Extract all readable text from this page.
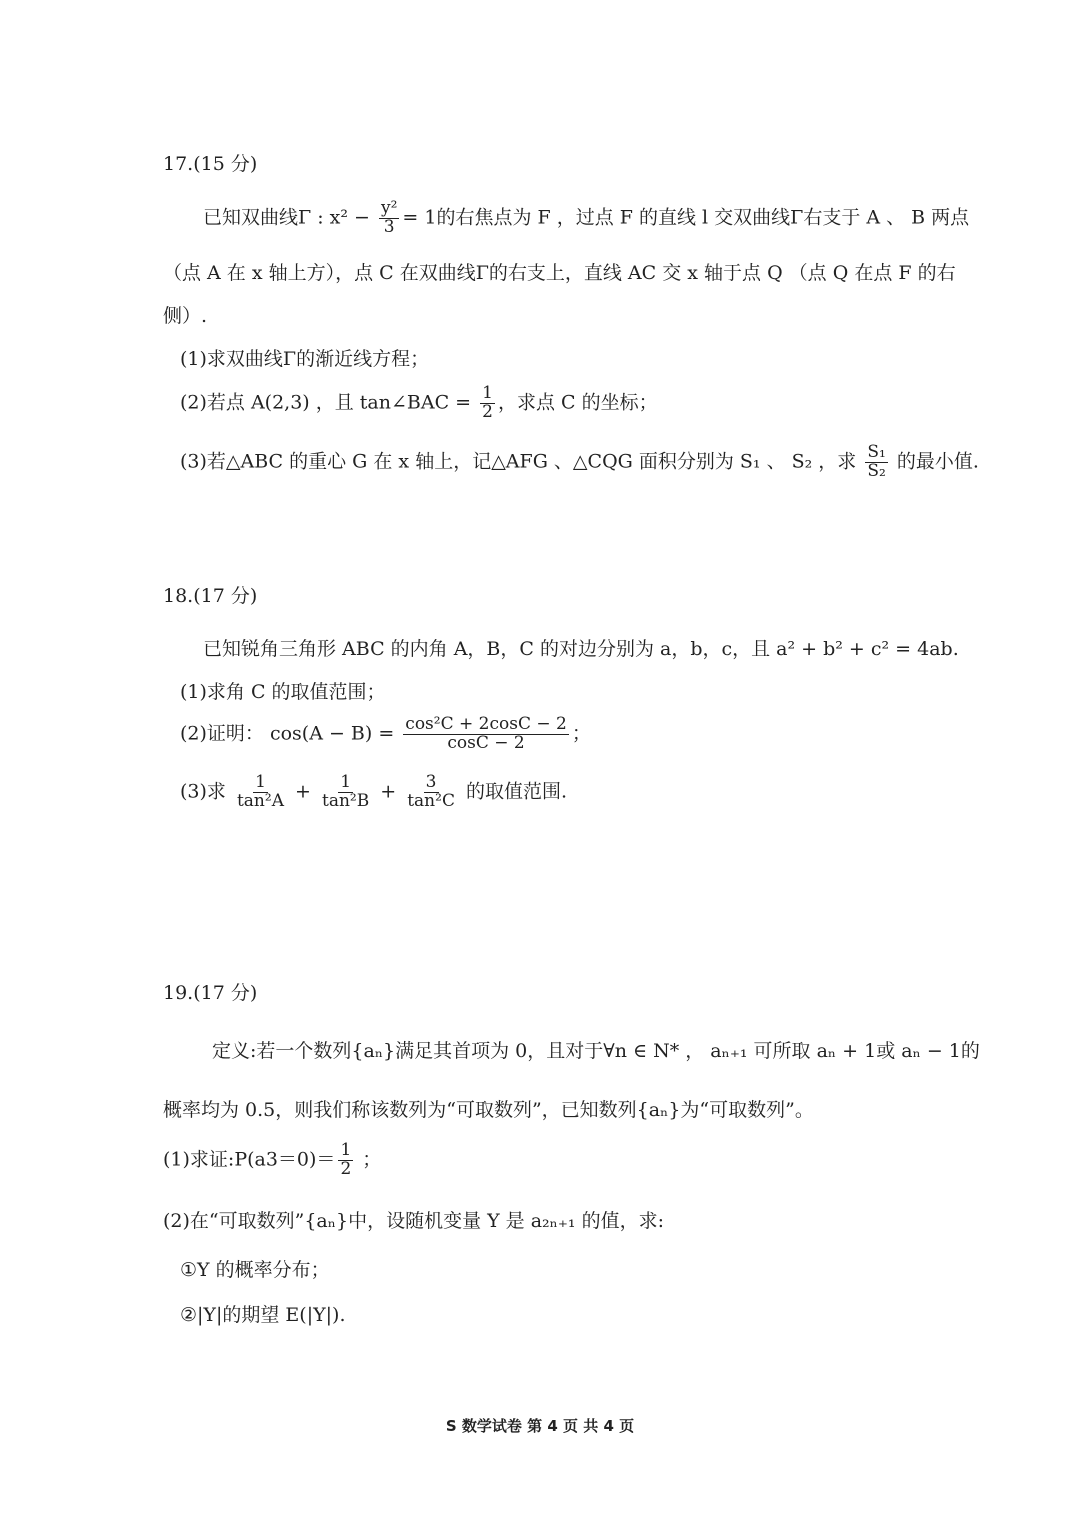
17.(15 分)
已知双曲线Γ : $x^2 - \frac{\text{y²}}{3} = 1$的右焦点为 F ，过点 F 的直线 l 交双曲线Γ右支于 A 、 B 两点
（点 A 在 x 轴上方），点 C 在双曲线Γ的右支上，直线 AC 交 x 轴于点 Q （点 Q 在点 F 的右
侧）.
(1)求双曲线Γ的渐近线方程；
(2)若点 A(2,3) ，且 tan∠BAC = $\frac{1}{2}$ ，求点 C 的坐标；
(3)若△ABC 的重心 G 在 x 轴上，记△AFG 、△CQG 面积分别为 S₁ 、 S₂ ，求 $\frac{\text{S₁}}{\text{S₂}}$ 的最小值.
18.(17 分)
已知锐角三角形 ABC 的内角 A，B，C 的对边分别为 a，b，c，且 a² + b² + c² = 4ab.
(1)求角 C 的取值范围；
(2)证明： $\cos(A - B) = \frac{\text{cos²C + 2cosC − 2}}{\cos C - 2}$ ；
(3)求 $\frac{1}{\text{tan²A}} + \frac{1}{\text{tan²B}} + \frac{3}{\text{tan²C}}$ 的取值范围.
19.(17 分)
定义:若一个数列{aₙ}满足其首项为 0，且对于∀n ∈ N* ， aₙ₊₁ 可所取 aₙ + 1或 aₙ − 1的
概率均为 0.5，则我们称该数列为“可取数列”，已知数列{aₙ}为“可取数列”。
(1)求证:P(a3＝0)＝ $\frac{1}{2}$ ；
(2)在“可取数列”{aₙ}中，设随机变量 Y 是 a₂ₙ₊₁ 的值，求:
①Y 的概率分布；
②|Y|的期望 E(|Y|).
S 数学试卷 第 4 页 共 4 页
